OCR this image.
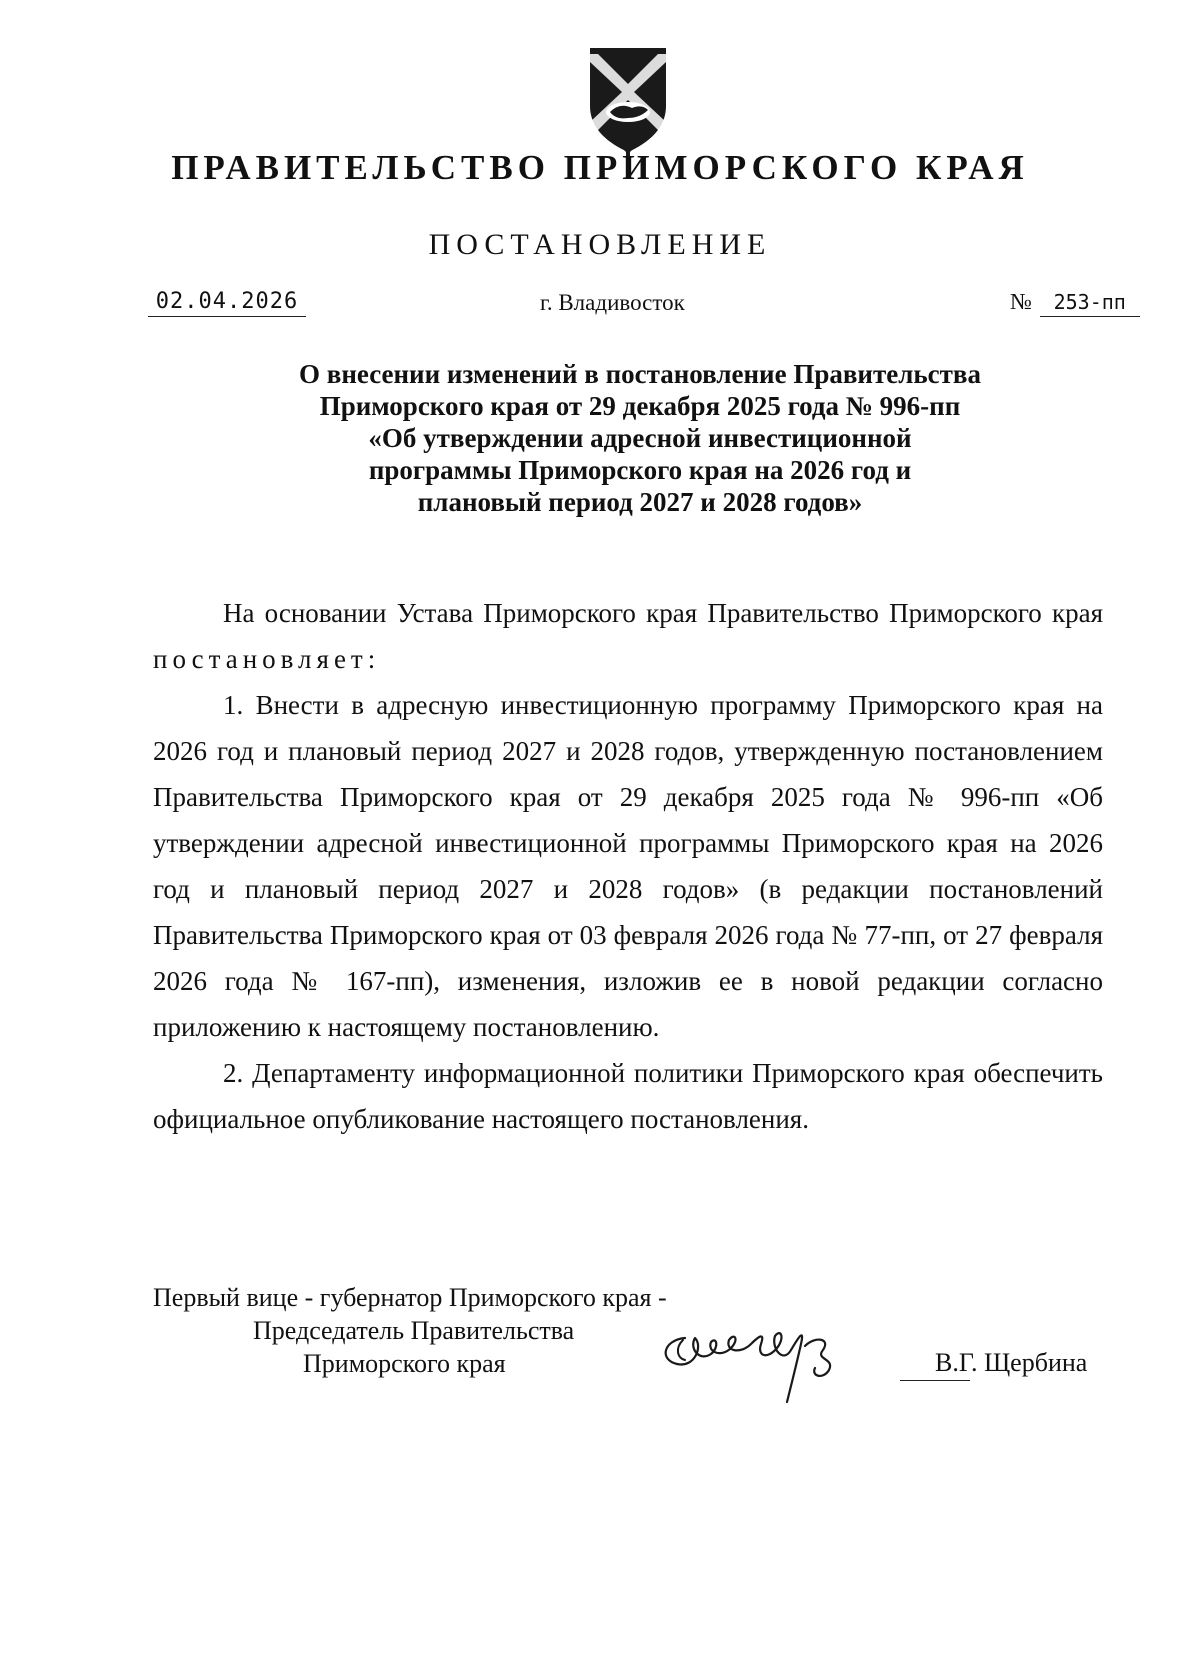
ПРАВИТЕЛЬСТВО ПРИМОРСКОГО КРАЯ
ПОСТАНОВЛЕНИЕ
02.04.2026	г. Владивосток	№ 253-пп
О внесении изменений в постановление Правительства
Приморского края от 29 декабря 2025 года № 996-пп
«Об утверждении адресной инвестиционной
программы Приморского края на 2026 год и
плановый период 2027 и 2028 годов»

На основании Устава Приморского края Правительство Приморского края постановляет:

1. Внести в адресную инвестиционную программу Приморского края на 2026 год и плановый период 2027 и 2028 годов, утвержденную постановлением Правительства Приморского края от 29 декабря 2025 года № 996-пп «Об утверждении адресной инвестиционной программы Приморского края на 2026 год и плановый период 2027 и 2028 годов» (в редакции постановлений Правительства Приморского края от 03 февраля 2026 года № 77-пп, от 27 февраля 2026 года № 167-пп), изменения, изложив ее в новой редакции согласно приложению к настоящему постановлению.

2. Департаменту информационной политики Приморского края обеспечить официальное опубликование настоящего постановления.

Первый вице - губернатор Приморского края -
Председатель Правительства
Приморского края	В.Г. Щербина
